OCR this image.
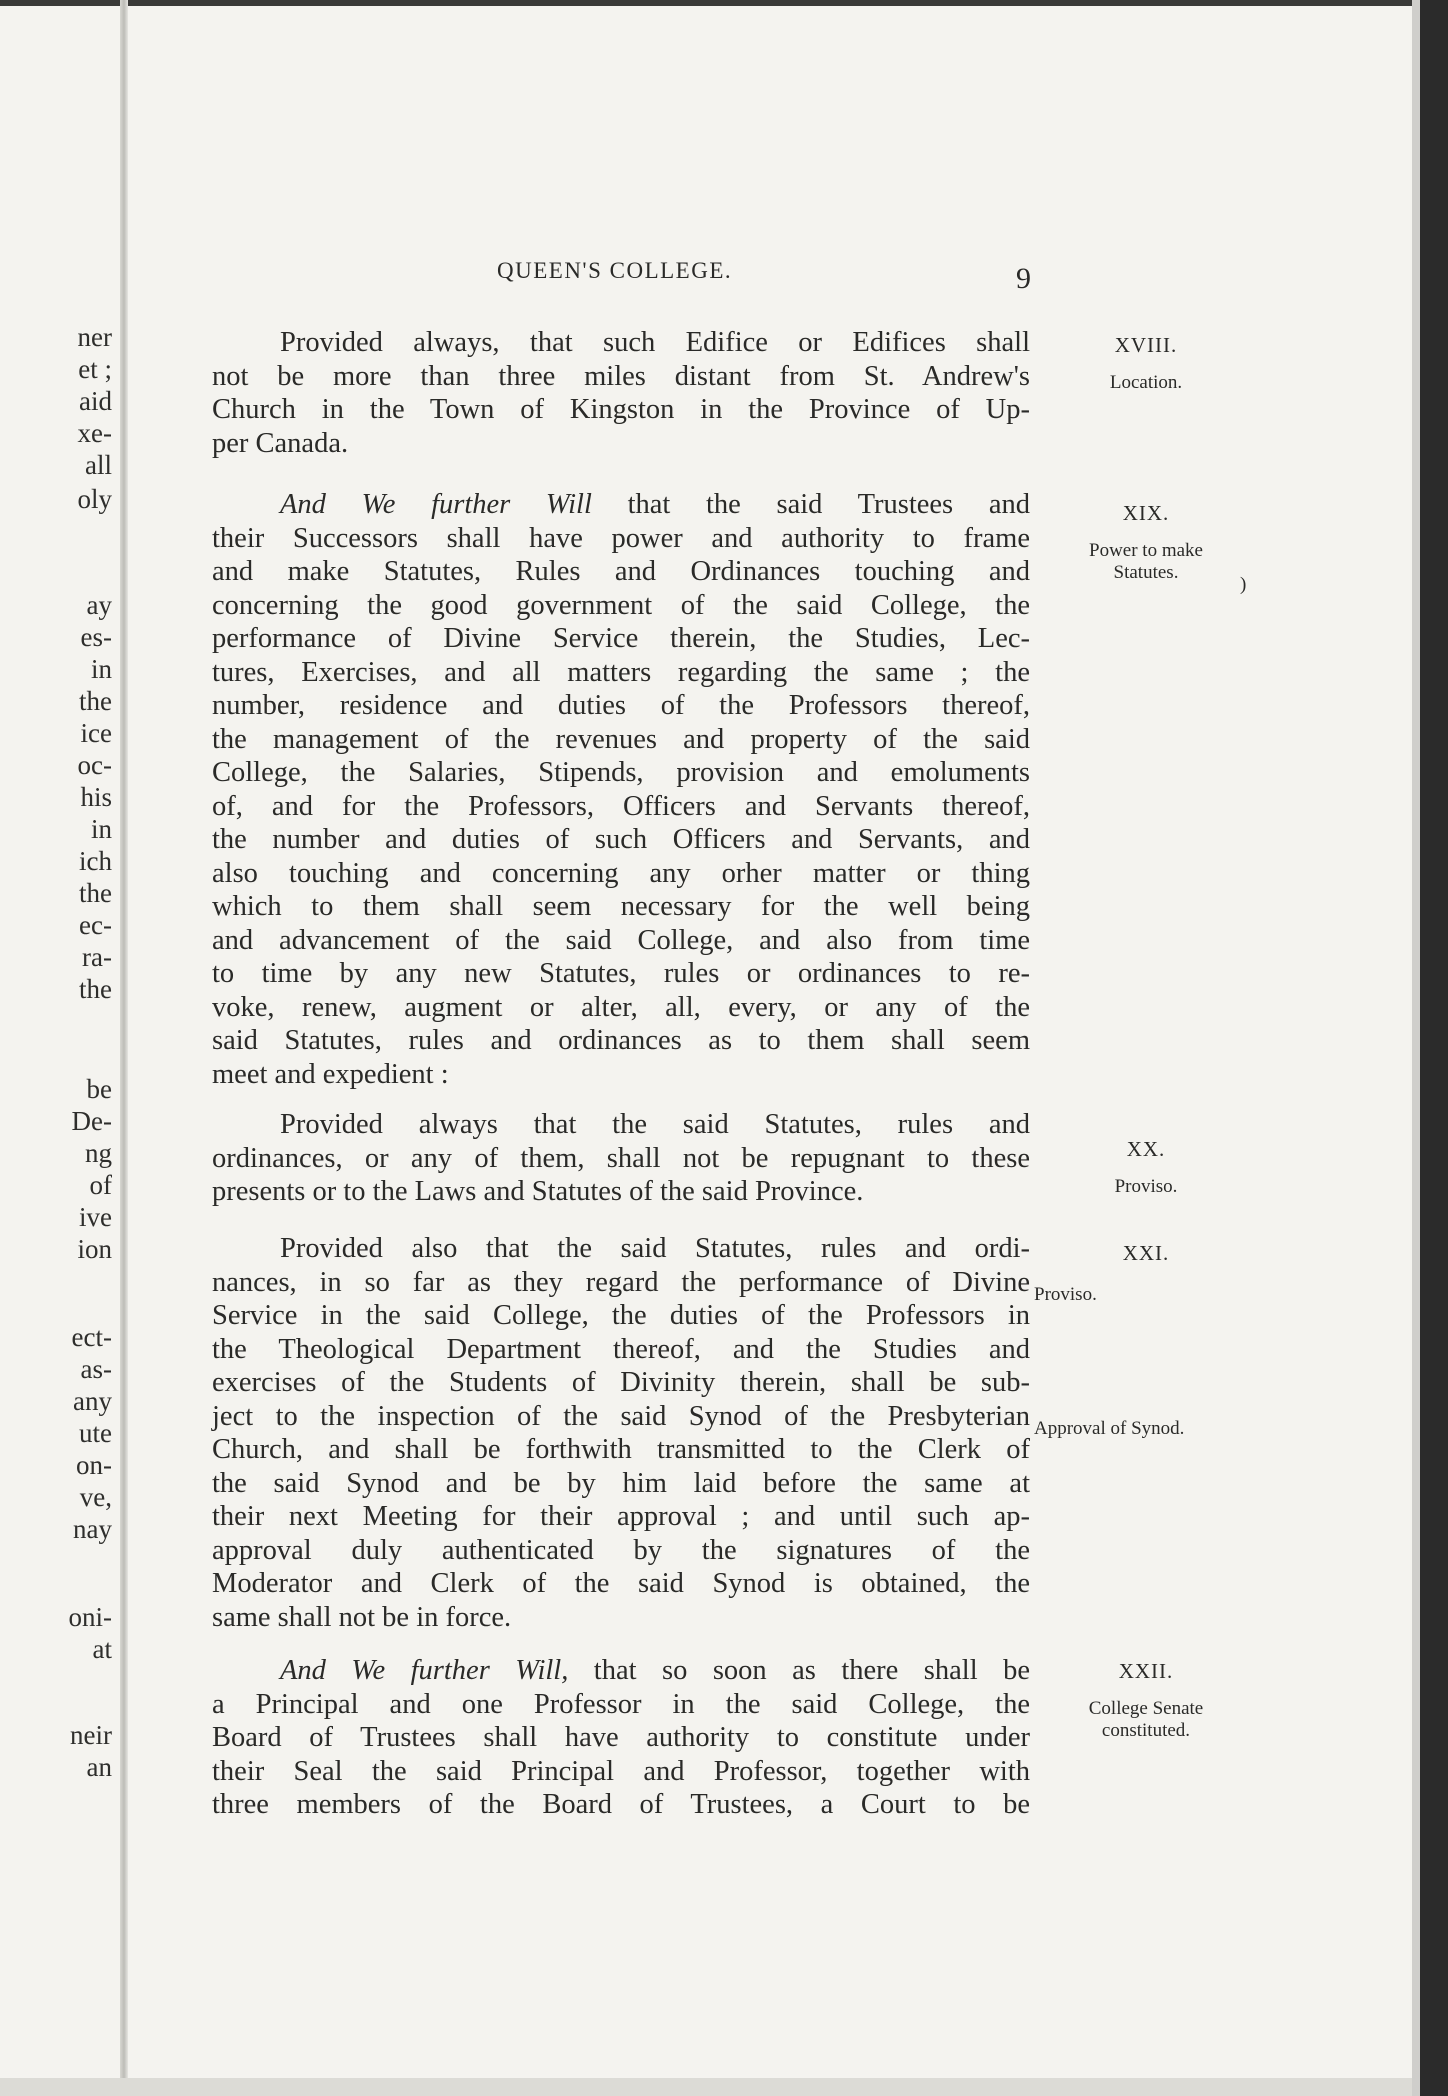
ner
et ;
aid
xe-
all
oly
ay
es-
in
the
ice
oc-
his
in
ich
the
ec-
ra-
the
be
De-
ng
of
ive
ion
ect-
as-
any
ute
on-
ve,
nay
oni-
at
neir
an
QUEEN'S COLLEGE.	9
Provided always, that such Edifice or Edifices shall
not be more than three miles distant from St. Andrew's
Church in the Town of Kingston in the Province of Up-
per Canada.
And We further Will that the said Trustees and
their Successors shall have power and authority to frame
and make Statutes, Rules and Ordinances touching and
concerning the good government of the said College, the
performance of Divine Service therein, the Studies, Lec-
tures, Exercises, and all matters regarding the same ; the
number, residence and duties of the Professors thereof,
the management of the revenues and property of the said
College, the Salaries, Stipends, provision and emoluments
of, and for the Professors, Officers and Servants thereof,
the number and duties of such Officers and Servants, and
also touching and concerning any orher matter or thing
which to them shall seem necessary for the well being
and advancement of the said College, and also from time
to time by any new Statutes, rules or ordinances to re-
voke, renew, augment or alter, all, every, or any of the
said Statutes, rules and ordinances as to them shall seem
meet and expedient :
Provided always that the said Statutes, rules and
ordinances, or any of them, shall not be repugnant to these
presents or to the Laws and Statutes of the said Province.
Provided also that the said Statutes, rules and ordi-
nances, in so far as they regard the performance of Divine
Service in the said College, the duties of the Professors in
the Theological Department thereof, and the Studies and
exercises of the Students of Divinity therein, shall be sub-
ject to the inspection of the said Synod of the Presbyterian
Church, and shall be forthwith transmitted to the Clerk of
the said Synod and be by him laid before the same at
their next Meeting for their approval ; and until such ap-
approval duly authenticated by the signatures of the
Moderator and Clerk of the said Synod is obtained, the
same shall not be in force.
And We further Will, that so soon as there shall be
a Principal and one Professor in the said College, the
Board of Trustees shall have authority to constitute under
their Seal the said Principal and Professor, together with
three members of the Board of Trustees, a Court to be
XVIII.
Location.
XIX.
Power to make Statutes.
)
XX.
Proviso.
XXI.
Proviso.
Approval of Synod.
XXII.
College Senate constituted.
